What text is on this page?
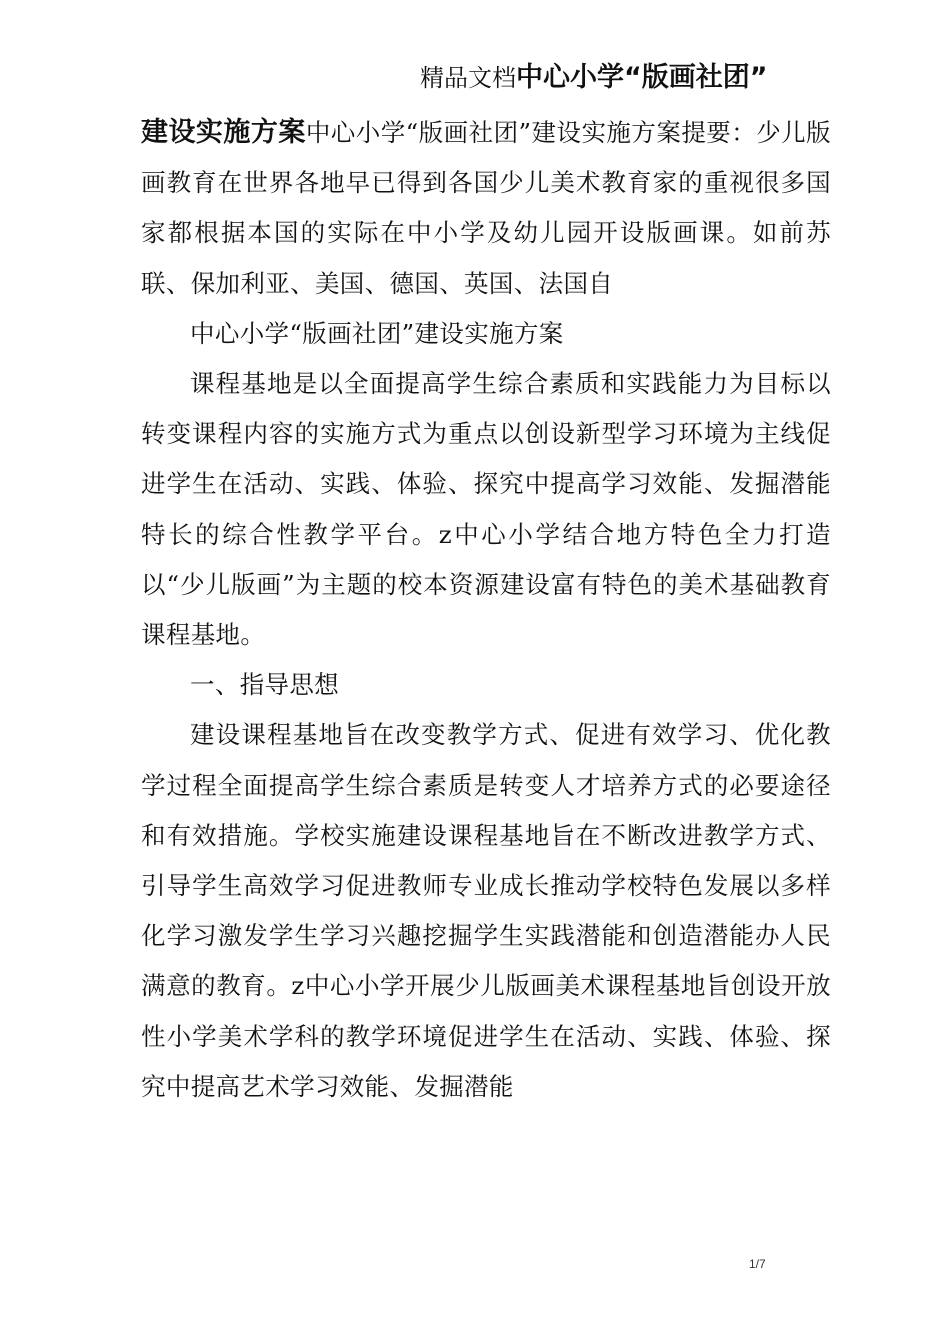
精品文档中心小学“版画社团”

建设实施方案中心小学“版画社团”建设实施方案提要：少儿版画教育在世界各地早已得到各国少儿美术教育家的重视很多国家都根据本国的实际在中小学及幼儿园开设版画课。如前苏联、保加利亚、美国、德国、英国、法国自

中心小学“版画社团”建设实施方案

课程基地是以全面提高学生综合素质和实践能力为目标以转变课程内容的实施方式为重点以创设新型学习环境为主线促进学生在活动、实践、体验、探究中提高学习效能、发掘潜能特长的综合性教学平台。z中心小学结合地方特色全力打造以“少儿版画”为主题的校本资源建设富有特色的美术基础教育课程基地。

一、指导思想

建设课程基地旨在改变教学方式、促进有效学习、优化教学过程全面提高学生综合素质是转变人才培养方式的必要途径和有效措施。学校实施建设课程基地旨在不断改进教学方式、引导学生高效学习促进教师专业成长推动学校特色发展以多样化学习激发学生学习兴趣挖掘学生实践潜能和创造潜能办人民满意的教育。z中心小学开展少儿版画美术课程基地旨创设开放性小学美术学科的教学环境促进学生在活动、实践、体验、探究中提高艺术学习效能、发掘潜能

1/7
